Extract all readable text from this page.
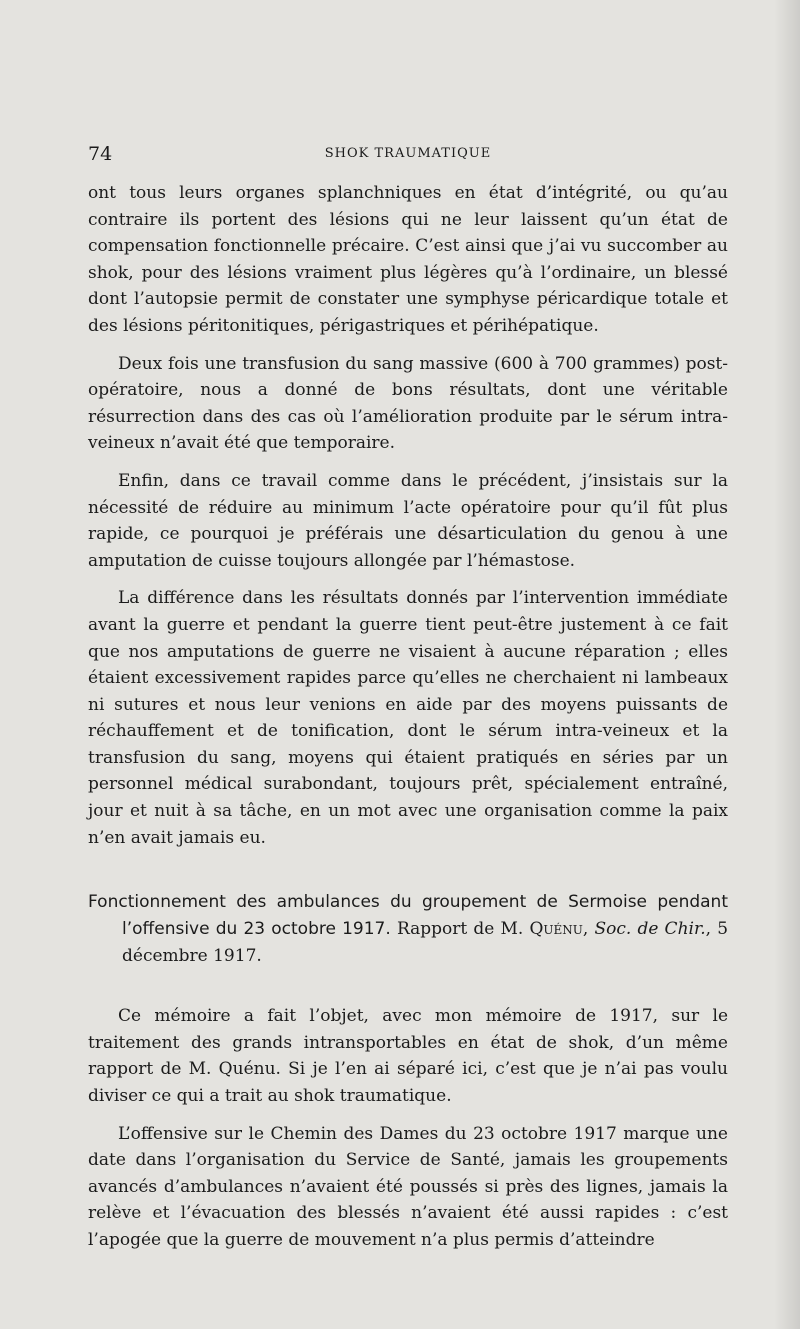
74	SHOK TRAUMATIQUE

ont tous leurs organes splanchniques en état d’intégrité, ou qu’au contraire ils portent des lésions qui ne leur laissent qu’un état de compensation fonctionnelle précaire. C’est ainsi que j’ai vu succomber au shok, pour des lésions vraiment plus légères qu’à l’ordinaire, un blessé dont l’autopsie permit de constater une symphyse péricardique totale et des lésions péritonitiques, périgastriques et périhépatique.

Deux fois une transfusion du sang massive (600 à 700 grammes) post-opératoire, nous a donné de bons résultats, dont une véritable résurrection dans des cas où l’amélioration produite par le sérum intra-veineux n’avait été que temporaire.

Enfin, dans ce travail comme dans le précédent, j’insistais sur la nécessité de réduire au minimum l’acte opératoire pour qu’il fût plus rapide, ce pourquoi je préférais une désarticulation du genou à une amputation de cuisse toujours allongée par l’hémastose.

La différence dans les résultats donnés par l’intervention immédiate avant la guerre et pendant la guerre tient peut-être justement à ce fait que nos amputations de guerre ne visaient à aucune réparation ; elles étaient excessivement rapides parce qu’elles ne cherchaient ni lambeaux ni sutures et nous leur venions en aide par des moyens puissants de réchauffement et de tonification, dont le sérum intra-veineux et la transfusion du sang, moyens qui étaient pratiqués en séries par un personnel médical surabondant, toujours prêt, spécialement entraîné, jour et nuit à sa tâche, en un mot avec une organisation comme la paix n’en avait jamais eu.

Fonctionnement des ambulances du groupement de Sermoise pendant l’offensive du 23 octobre 1917. Rapport de M. Quénu, Soc. de Chir., 5 décembre 1917.

Ce mémoire a fait l’objet, avec mon mémoire de 1917, sur le traitement des grands intransportables en état de shok, d’un même rapport de M. Quénu. Si je l’en ai séparé ici, c’est que je n’ai pas voulu diviser ce qui a trait au shok traumatique.

L’offensive sur le Chemin des Dames du 23 octobre 1917 marque une date dans l’organisation du Service de Santé, jamais les groupements avancés d’ambulances n’avaient été poussés si près des lignes, jamais la relève et l’évacuation des blessés n’avaient été aussi rapides : c’est l’apogée que la guerre de mouvement n’a plus permis d’atteindre
